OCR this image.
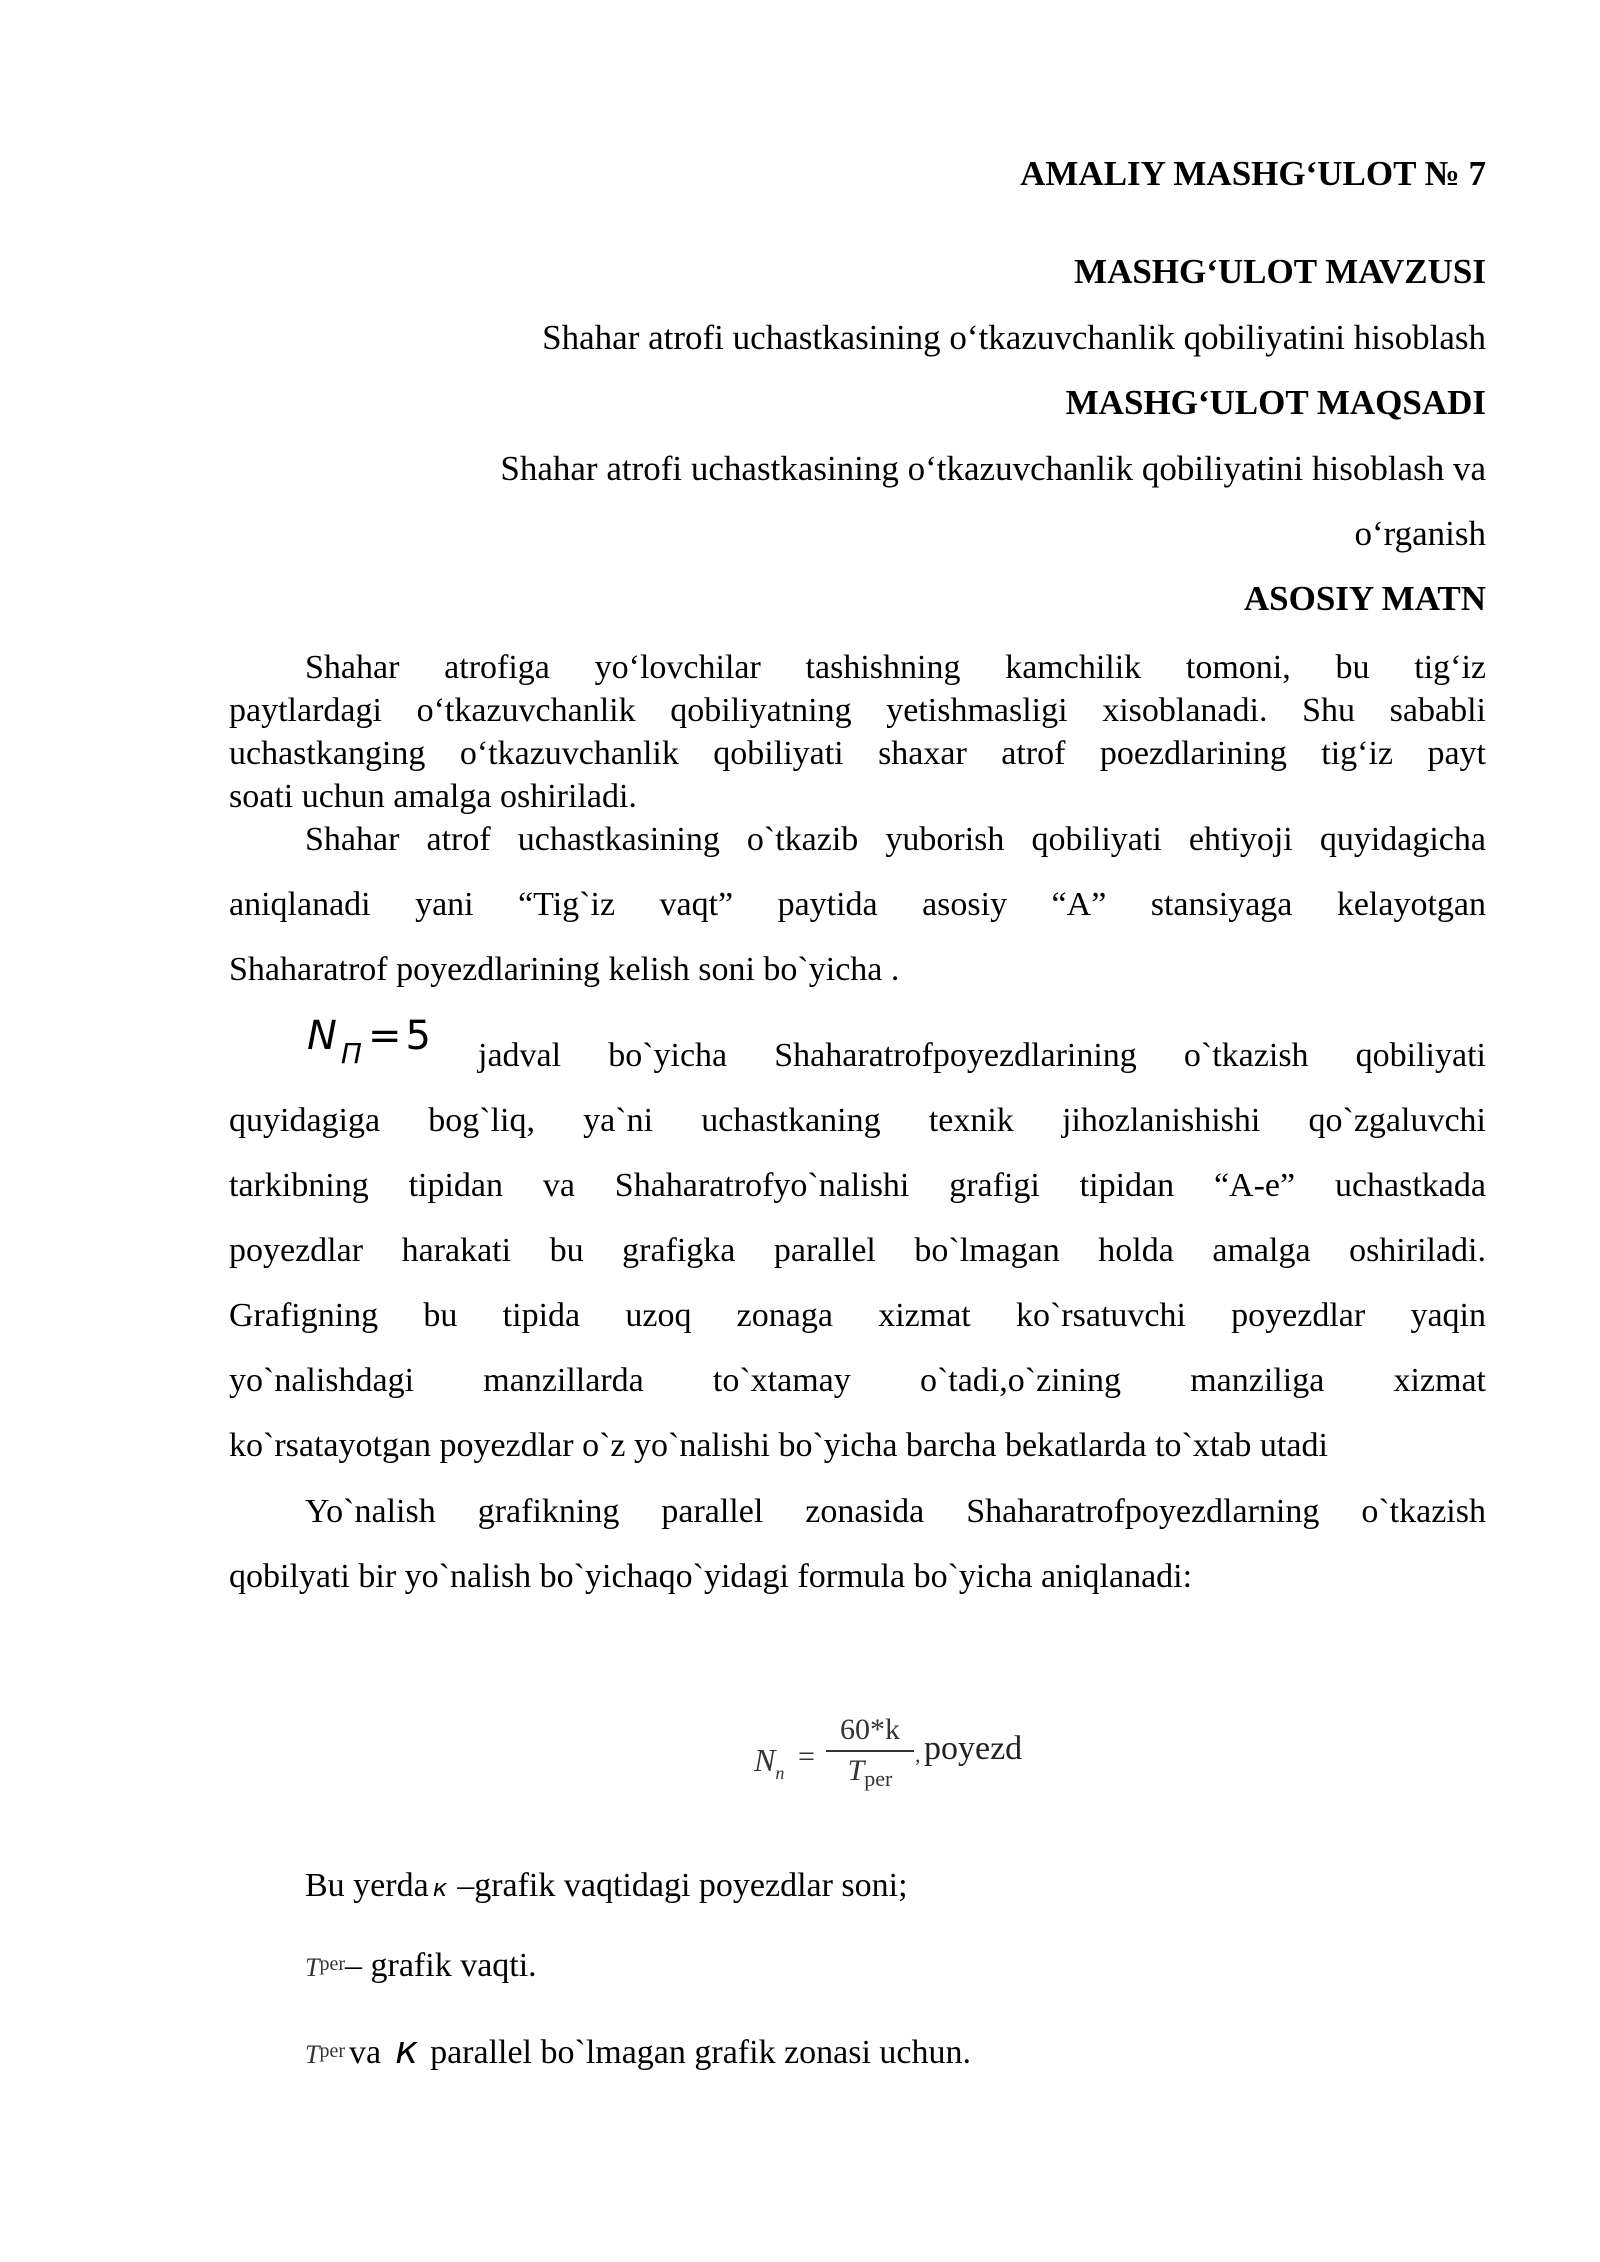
AMALIY MASHG‘ULOT № 7
MASHG‘ULOT MAVZUSI
Shahar atrofi uchastkasining o‘tkazuvchanlik qobiliyatini hisoblash
MASHG‘ULOT MAQSADI
Shahar atrofi uchastkasining o‘tkazuvchanlik qobiliyatini hisoblash va
o‘rganish
ASOSIY MATN
Shahar atrofiga yo‘lovchilar tashishning kamchilik tomoni, bu tig‘iz
paytlardagi o‘tkazuvchanlik qobiliyatning yetishmasligi xisoblanadi. Shu sababli
uchastkanging o‘tkazuvchanlik qobiliyati shaxar atrof poezdlarining tig‘iz payt
soati uchun amalga oshiriladi.
Shahar atrof uchastkasining o`tkazib yuborish qobiliyati ehtiyoji quyidagicha
aniqlanadi yani “Tig`iz vaqt” paytida asosiy “A” stansiyaga kelayotgan
Shaharatrof poyezdlarining kelish soni bo`yicha .
N $_П$ = 5 jadval bo`yicha Shaharatrofpoyezdlarining o`tkazish qobiliyati
quyidagiga bog`liq, ya`ni uchastkaning texnik jihozlanishishi qo`zgaluvchi
tarkibning tipidan va Shaharatrofyo`nalishi grafigi tipidan “A-e” uchastkada
poyezdlar harakati bu grafigka parallel bo`lmagan holda amalga oshiriladi.
Grafigning bu tipida uzoq zonaga xizmat ko`rsatuvchi poyezdlar yaqin
yo`nalishdagi manzillarda to`xtamay o`tadi,o`zining manziliga xizmat
ko`rsatayotgan poyezdlar o`z yo`nalishi bo`yicha barcha bekatlarda to`xtab utadi
Yo`nalish grafikning parallel zonasida Shaharatrofpoyezdlarning o`tkazish
qobilyati bir yo`nalish bo`yichaqo`yidagi formula bo`yicha aniqlanadi:
$N_n$ =
60*k
$T_{per}$
, poyezd
Bu yerda к –grafik vaqtidagi poyezdlar soni;
Tper– grafik vaqti.
Tper va к parallel bo`lmagan grafik zonasi uchun.
